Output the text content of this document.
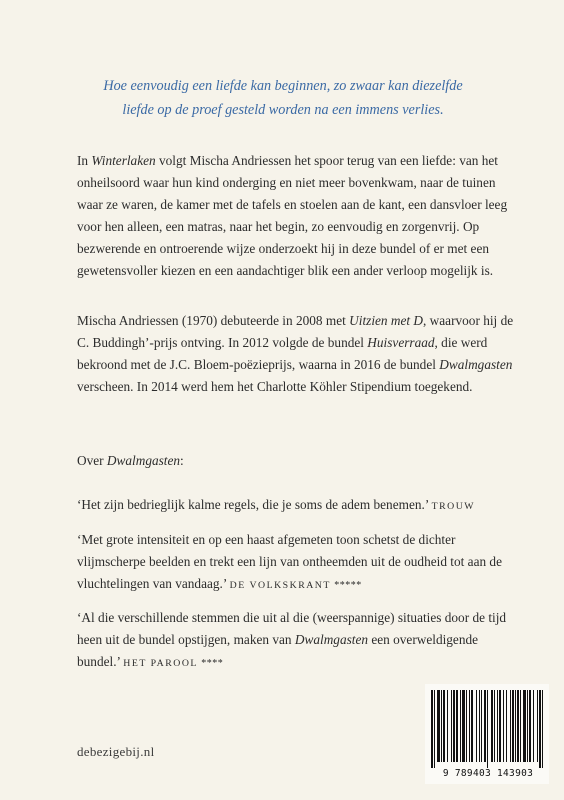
Hoe eenvoudig een liefde kan beginnen, zo zwaar kan diezelfde
liefde op de proef gesteld worden na een immens verlies.
In Winterlaken volgt Mischa Andriessen het spoor terug van een liefde: van het onheilsoord waar hun kind onderging en niet meer bovenkwam, naar de tuinen waar ze waren, de kamer met de tafels en stoelen aan de kant, een dansvloer leeg voor hen alleen, een matras, naar het begin, zo eenvoudig en zorgenvrij. Op bezwerende en ontroerende wijze onderzoekt hij in deze bundel of er met een gewetensvoller kiezen en een aandachtiger blik een ander verloop mogelijk is.
Mischa Andriessen (1970) debuteerde in 2008 met Uitzien met D, waarvoor hij de C. Buddingh’-prijs ontving. In 2012 volgde de bundel Huisverraad, die werd bekroond met de J.C. Bloem-poëzieprijs, waarna in 2016 de bundel Dwalmgasten verscheen. In 2014 werd hem het Charlotte Köhler Stipendium toegekend.
Over Dwalmgasten:
‘Het zijn bedrieglijk kalme regels, die je soms de adem benemen.’ TROUW
‘Met grote intensiteit en op een haast afgemeten toon schetst de dichter vlijmscherpe beelden en trekt een lijn van ontheemden uit de oudheid tot aan de vluchtelingen van vandaag.’ DE VOLKSKRANT *****
‘Al die verschillende stemmen die uit al die (weerspannige) situaties door de tijd heen uit de bundel opstijgen, maken van Dwalmgasten een overweldigende bundel.’ HET PAROOL ****
debezigebij.nl
9 789403 143903
